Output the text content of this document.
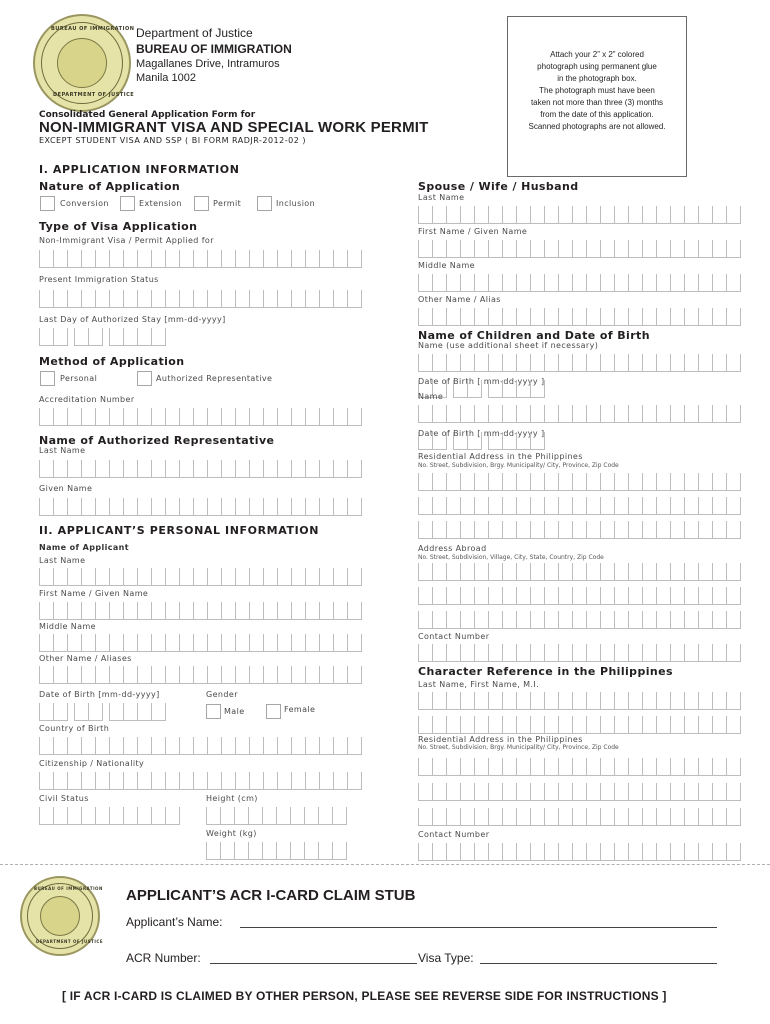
BUREAU OF IMMIGRATION
DEPARTMENT OF JUSTICE
Department of Justice
BUREAU OF IMMIGRATION
Magallanes Drive, Intramuros
Manila 1002
Attach your 2” x 2” colored
photograph using permanent glue
in the photograph box.
The photograph must have been
taken not more than three (3) months
from the date of this application.
Scanned photographs are not allowed.
Consolidated General Application Form for
NON-IMMIGRANT VISA AND SPECIAL WORK PERMIT
EXCEPT STUDENT VISA AND SSP ( BI FORM RADJR-2012-02 )
I. APPLICATION INFORMATION
Nature of Application
Conversion	Extension	Permit	Inclusion
Type of Visa Application
Non-Immigrant Visa / Permit Applied for
Present Immigration Status
Last Day of Authorized Stay [mm-dd-yyyy]
Method of Application
Personal	Authorized Representative
Accreditation Number
Name of Authorized Representative
Last Name
Given Name
II. APPLICANT’S PERSONAL INFORMATION
Name of Applicant
Last Name
First Name / Given Name
Middle Name
Other Name / Aliases
Date of Birth [mm-dd-yyyy]	Gender
Male	Female
Country of Birth
Citizenship / Nationality
Civil Status	Height (cm)
Weight (kg)
Spouse / Wife / Husband
Last Name
First Name / Given Name
Middle Name
Other Name / Alias
Name of Children and Date of Birth
Name (use additional sheet if necessary)
Date of Birth [ mm-dd-yyyy ]
Name
Date of Birth [ mm-dd-yyyy ]
Residential Address in the Philippines
No. Street, Subdivision, Brgy. Municipality/ City, Province, Zip Code
Address Abroad
No. Street, Subdivision, Village, City, State, Country, Zip Code
Contact Number
Character Reference in the Philippines
Last Name, First Name, M.I.
Residential Address in the Philippines
No. Street, Subdivision, Brgy. Municipality/ City, Province, Zip Code
Contact Number
BUREAU OF IMMIGRATION
DEPARTMENT OF JUSTICE
APPLICANT’S ACR I-CARD CLAIM STUB
Applicant’s Name:
ACR Number:	Visa Type:
[ IF ACR I-CARD IS CLAIMED BY OTHER PERSON, PLEASE SEE REVERSE SIDE FOR INSTRUCTIONS ]
